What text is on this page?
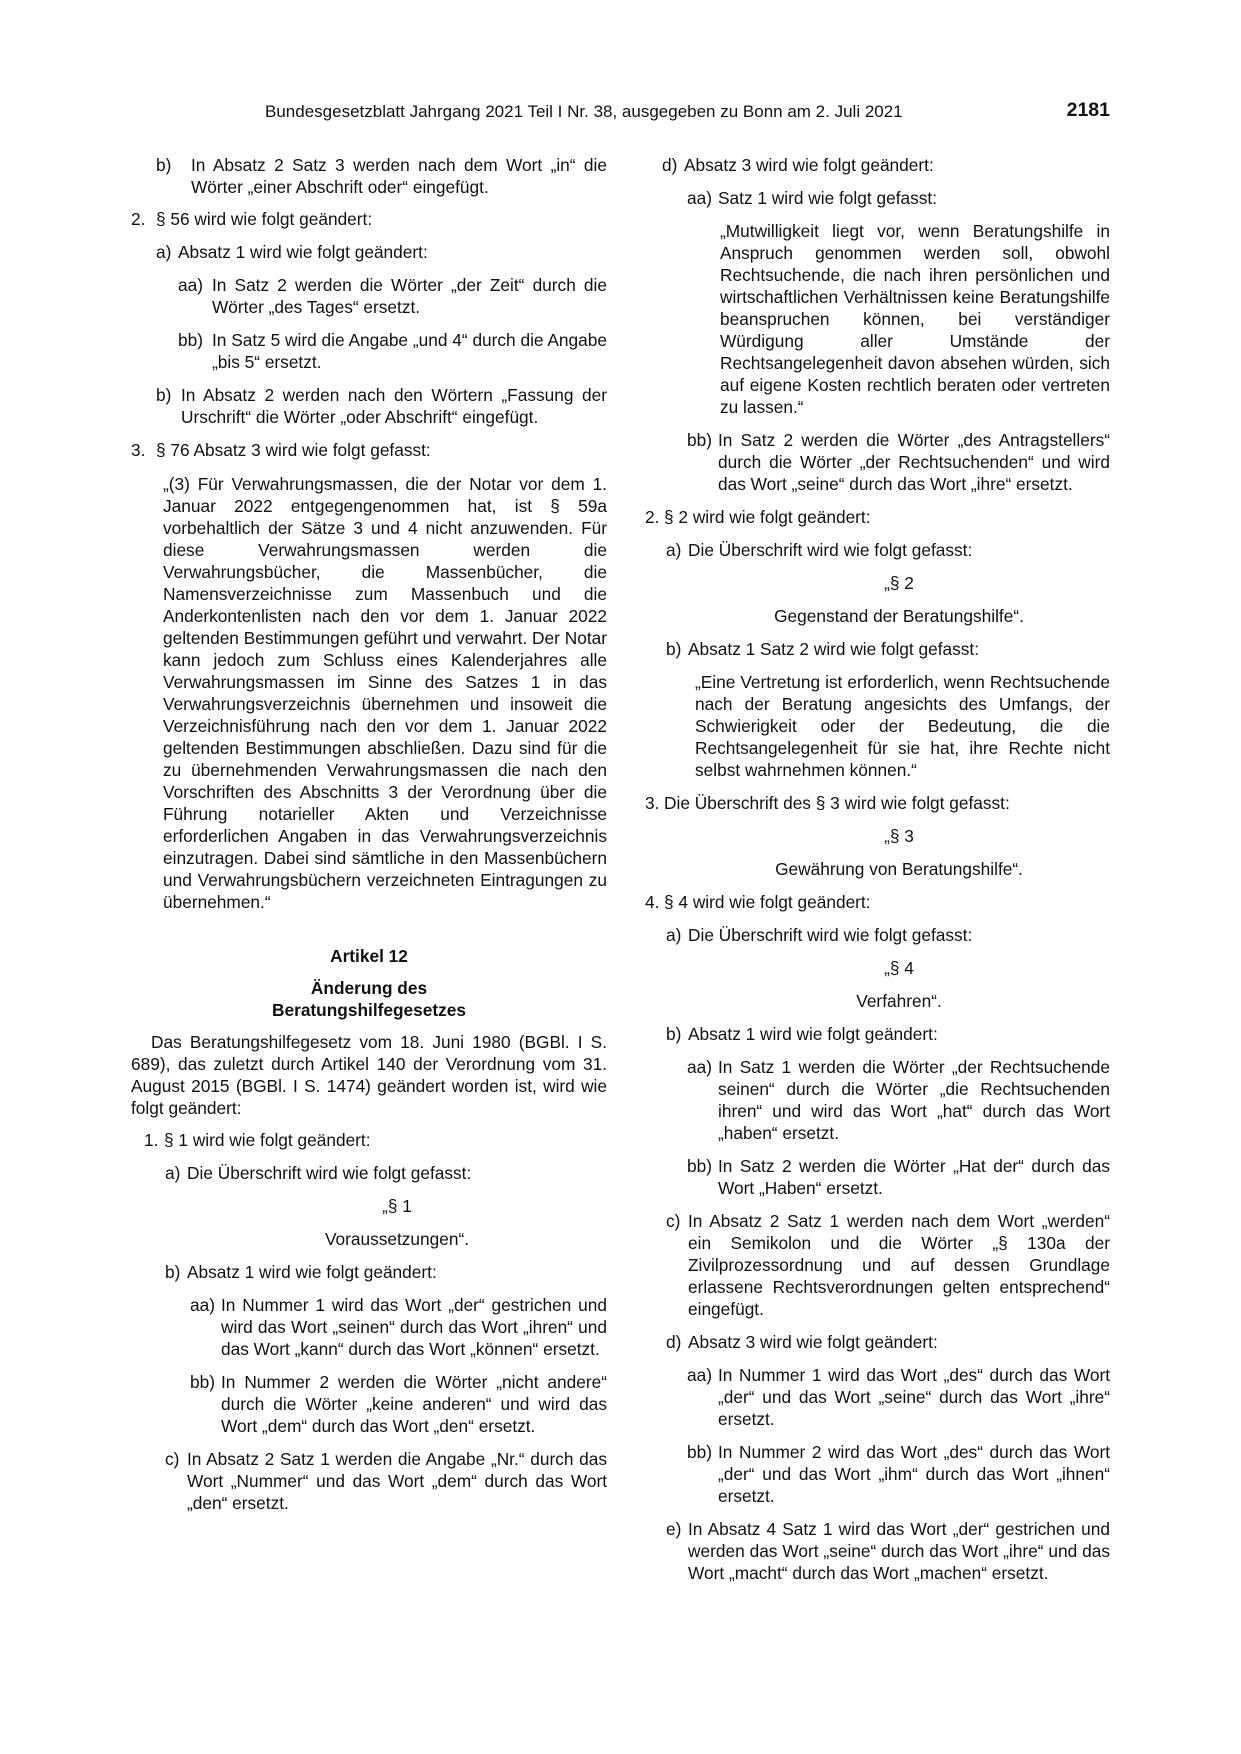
Bundesgesetzblatt Jahrgang 2021 Teil I Nr. 38, ausgegeben zu Bonn am 2. Juli 2021	2181
b) In Absatz 2 Satz 3 werden nach dem Wort „in“ die Wörter „einer Abschrift oder“ eingefügt.
2. § 56 wird wie folgt geändert:
a) Absatz 1 wird wie folgt geändert:
aa) In Satz 2 werden die Wörter „der Zeit“ durch die Wörter „des Tages“ ersetzt.
bb) In Satz 5 wird die Angabe „und 4“ durch die Angabe „bis 5“ ersetzt.
b) In Absatz 2 werden nach den Wörtern „Fassung der Urschrift“ die Wörter „oder Abschrift“ eingefügt.
3. § 76 Absatz 3 wird wie folgt gefasst:

„(3) Für Verwahrungsmassen, die der Notar vor dem 1. Januar 2022 entgegengenommen hat, ist § 59a vorbehaltlich der Sätze 3 und 4 nicht anzuwenden. Für diese Verwahrungsmassen werden die Verwahrungsbücher, die Massenbücher, die Namensverzeichnisse zum Massenbuch und die Anderkontenlisten nach den vor dem 1. Januar 2022 geltenden Bestimmungen geführt und verwahrt. Der Notar kann jedoch zum Schluss eines Kalenderjahres alle Verwahrungsmassen im Sinne des Satzes 1 in das Verwahrungsverzeichnis übernehmen und insoweit die Verzeichnisführung nach den vor dem 1. Januar 2022 geltenden Bestimmungen abschließen. Dazu sind für die zu übernehmenden Verwahrungsmassen die nach den Vorschriften des Abschnitts 3 der Verordnung über die Führung notarieller Akten und Verzeichnisse erforderlichen Angaben in das Verwahrungsverzeichnis einzutragen. Dabei sind sämtliche in den Massenbüchern und Verwahrungsbüchern verzeichneten Eintragungen zu übernehmen.“

Artikel 12

Änderung des

Beratungshilfegesetzes

Das Beratungshilfegesetz vom 18. Juni 1980 (BGBl. I S. 689), das zuletzt durch Artikel 140 der Verordnung vom 31. August 2015 (BGBl. I S. 1474) geändert worden ist, wird wie folgt geändert:

1. § 1 wird wie folgt geändert:
a) Die Überschrift wird wie folgt gefasst:

„§ 1

Voraussetzungen“.

b) Absatz 1 wird wie folgt geändert:
aa) In Nummer 1 wird das Wort „der“ gestrichen und wird das Wort „seinen“ durch das Wort „ihren“ und das Wort „kann“ durch das Wort „können“ ersetzt.
bb) In Nummer 2 werden die Wörter „nicht andere“ durch die Wörter „keine anderen“ und wird das Wort „dem“ durch das Wort „den“ ersetzt.
c) In Absatz 2 Satz 1 werden die Angabe „Nr.“ durch das Wort „Nummer“ und das Wort „dem“ durch das Wort „den“ ersetzt.
d) Absatz 3 wird wie folgt geändert:
aa) Satz 1 wird wie folgt gefasst:

„Mutwilligkeit liegt vor, wenn Beratungshilfe in Anspruch genommen werden soll, obwohl Rechtsuchende, die nach ihren persönlichen und wirtschaftlichen Verhältnissen keine Beratungshilfe beanspruchen können, bei verständiger Würdigung aller Umstände der Rechtsangelegenheit davon absehen würden, sich auf eigene Kosten rechtlich beraten oder vertreten zu lassen.“

bb) In Satz 2 werden die Wörter „des Antragstellers“ durch die Wörter „der Rechtsuchenden“ und wird das Wort „seine“ durch das Wort „ihre“ ersetzt.
2. § 2 wird wie folgt geändert:
a) Die Überschrift wird wie folgt gefasst:

„§ 2

Gegenstand der Beratungshilfe“.

b) Absatz 1 Satz 2 wird wie folgt gefasst:

„Eine Vertretung ist erforderlich, wenn Rechtsuchende nach der Beratung angesichts des Umfangs, der Schwierigkeit oder der Bedeutung, die die Rechtsangelegenheit für sie hat, ihre Rechte nicht selbst wahrnehmen können.“

3. Die Überschrift des § 3 wird wie folgt gefasst:

„§ 3

Gewährung von Beratungshilfe“.

4. § 4 wird wie folgt geändert:
a) Die Überschrift wird wie folgt gefasst:

„§ 4

Verfahren“.

b) Absatz 1 wird wie folgt geändert:
aa) In Satz 1 werden die Wörter „der Rechtsuchende seinen“ durch die Wörter „die Rechtsuchenden ihren“ und wird das Wort „hat“ durch das Wort „haben“ ersetzt.
bb) In Satz 2 werden die Wörter „Hat der“ durch das Wort „Haben“ ersetzt.
c) In Absatz 2 Satz 1 werden nach dem Wort „werden“ ein Semikolon und die Wörter „§ 130a der Zivilprozessordnung und auf dessen Grundlage erlassene Rechtsverordnungen gelten entsprechend“ eingefügt.
d) Absatz 3 wird wie folgt geändert:
aa) In Nummer 1 wird das Wort „des“ durch das Wort „der“ und das Wort „seine“ durch das Wort „ihre“ ersetzt.
bb) In Nummer 2 wird das Wort „des“ durch das Wort „der“ und das Wort „ihm“ durch das Wort „ihnen“ ersetzt.
e) In Absatz 4 Satz 1 wird das Wort „der“ gestrichen und werden das Wort „seine“ durch das Wort „ihre“ und das Wort „macht“ durch das Wort „machen“ ersetzt.
